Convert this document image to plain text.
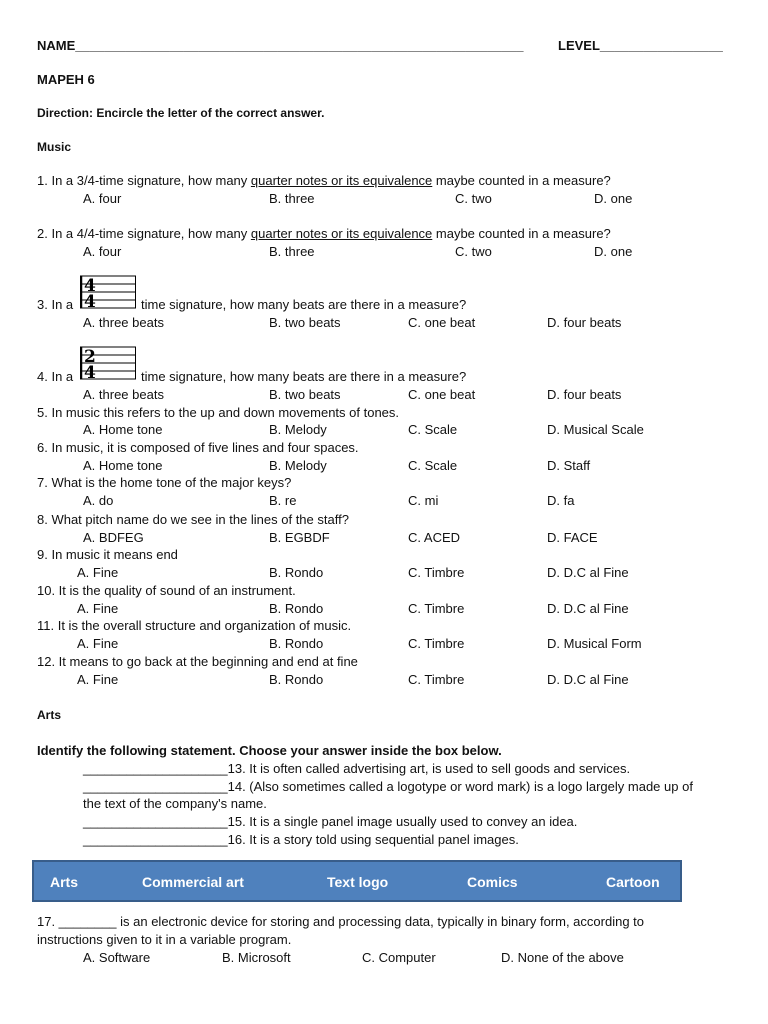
NAME______________________________________________________________	LEVEL_________________
MAPEH 6
Direction: Encircle the letter of the correct answer.
Music
1. In a 3/4-time signature, how many quarter notes or its equivalence maybe counted in a measure?
A. four	B. three	C. two	D. one
2. In a 4/4-time signature, how many quarter notes or its equivalence maybe counted in a measure?
A. four	B. three	C. two	D. one
3. In a
4
4	time signature, how many beats are there in a measure?
A. three beats	B. two beats	C. one beat	D. four beats
4. In a
2
4	time signature, how many beats are there in a measure?
A. three beats	B. two beats	C. one beat	D. four beats
5. In music this refers to the up and down movements of tones.
A. Home tone	B. Melody	C. Scale	D. Musical Scale
6. In music, it is composed of five lines and four spaces.
A. Home tone	B. Melody	C. Scale	D. Staff
7. What is the home tone of the major keys?
A. do	B. re	C. mi	D. fa
8. What pitch name do we see in the lines of the staff?
A. BDFEG	B. EGBDF	C. ACED	D. FACE
9. In music it means end
A. Fine	B. Rondo	C. Timbre	D. D.C al Fine
10. It is the quality of sound of an instrument.
A. Fine	B. Rondo	C. Timbre	D. D.C al Fine
11. It is the overall structure and organization of music.
A. Fine	B. Rondo	C. Timbre	D. Musical Form
12. It means to go back at the beginning and end at fine
A. Fine	B. Rondo	C. Timbre	D. D.C al Fine
Arts
Identify the following statement. Choose your answer inside the box below.
____________________13. It is often called advertising art, is used to sell goods and services.
____________________14. (Also sometimes called a logotype or word mark) is a logo largely made up of
the text of the company's name.
____________________15. It is a single panel image usually used to convey an idea.
____________________16. It is a story told using sequential panel images.
Arts	Commercial art	Text logo	Comics	Cartoon
17. ________ is an electronic device for storing and processing data, typically in binary form, according to
instructions given to it in a variable program.
A. Software	B. Microsoft	C. Computer	D. None of the above
